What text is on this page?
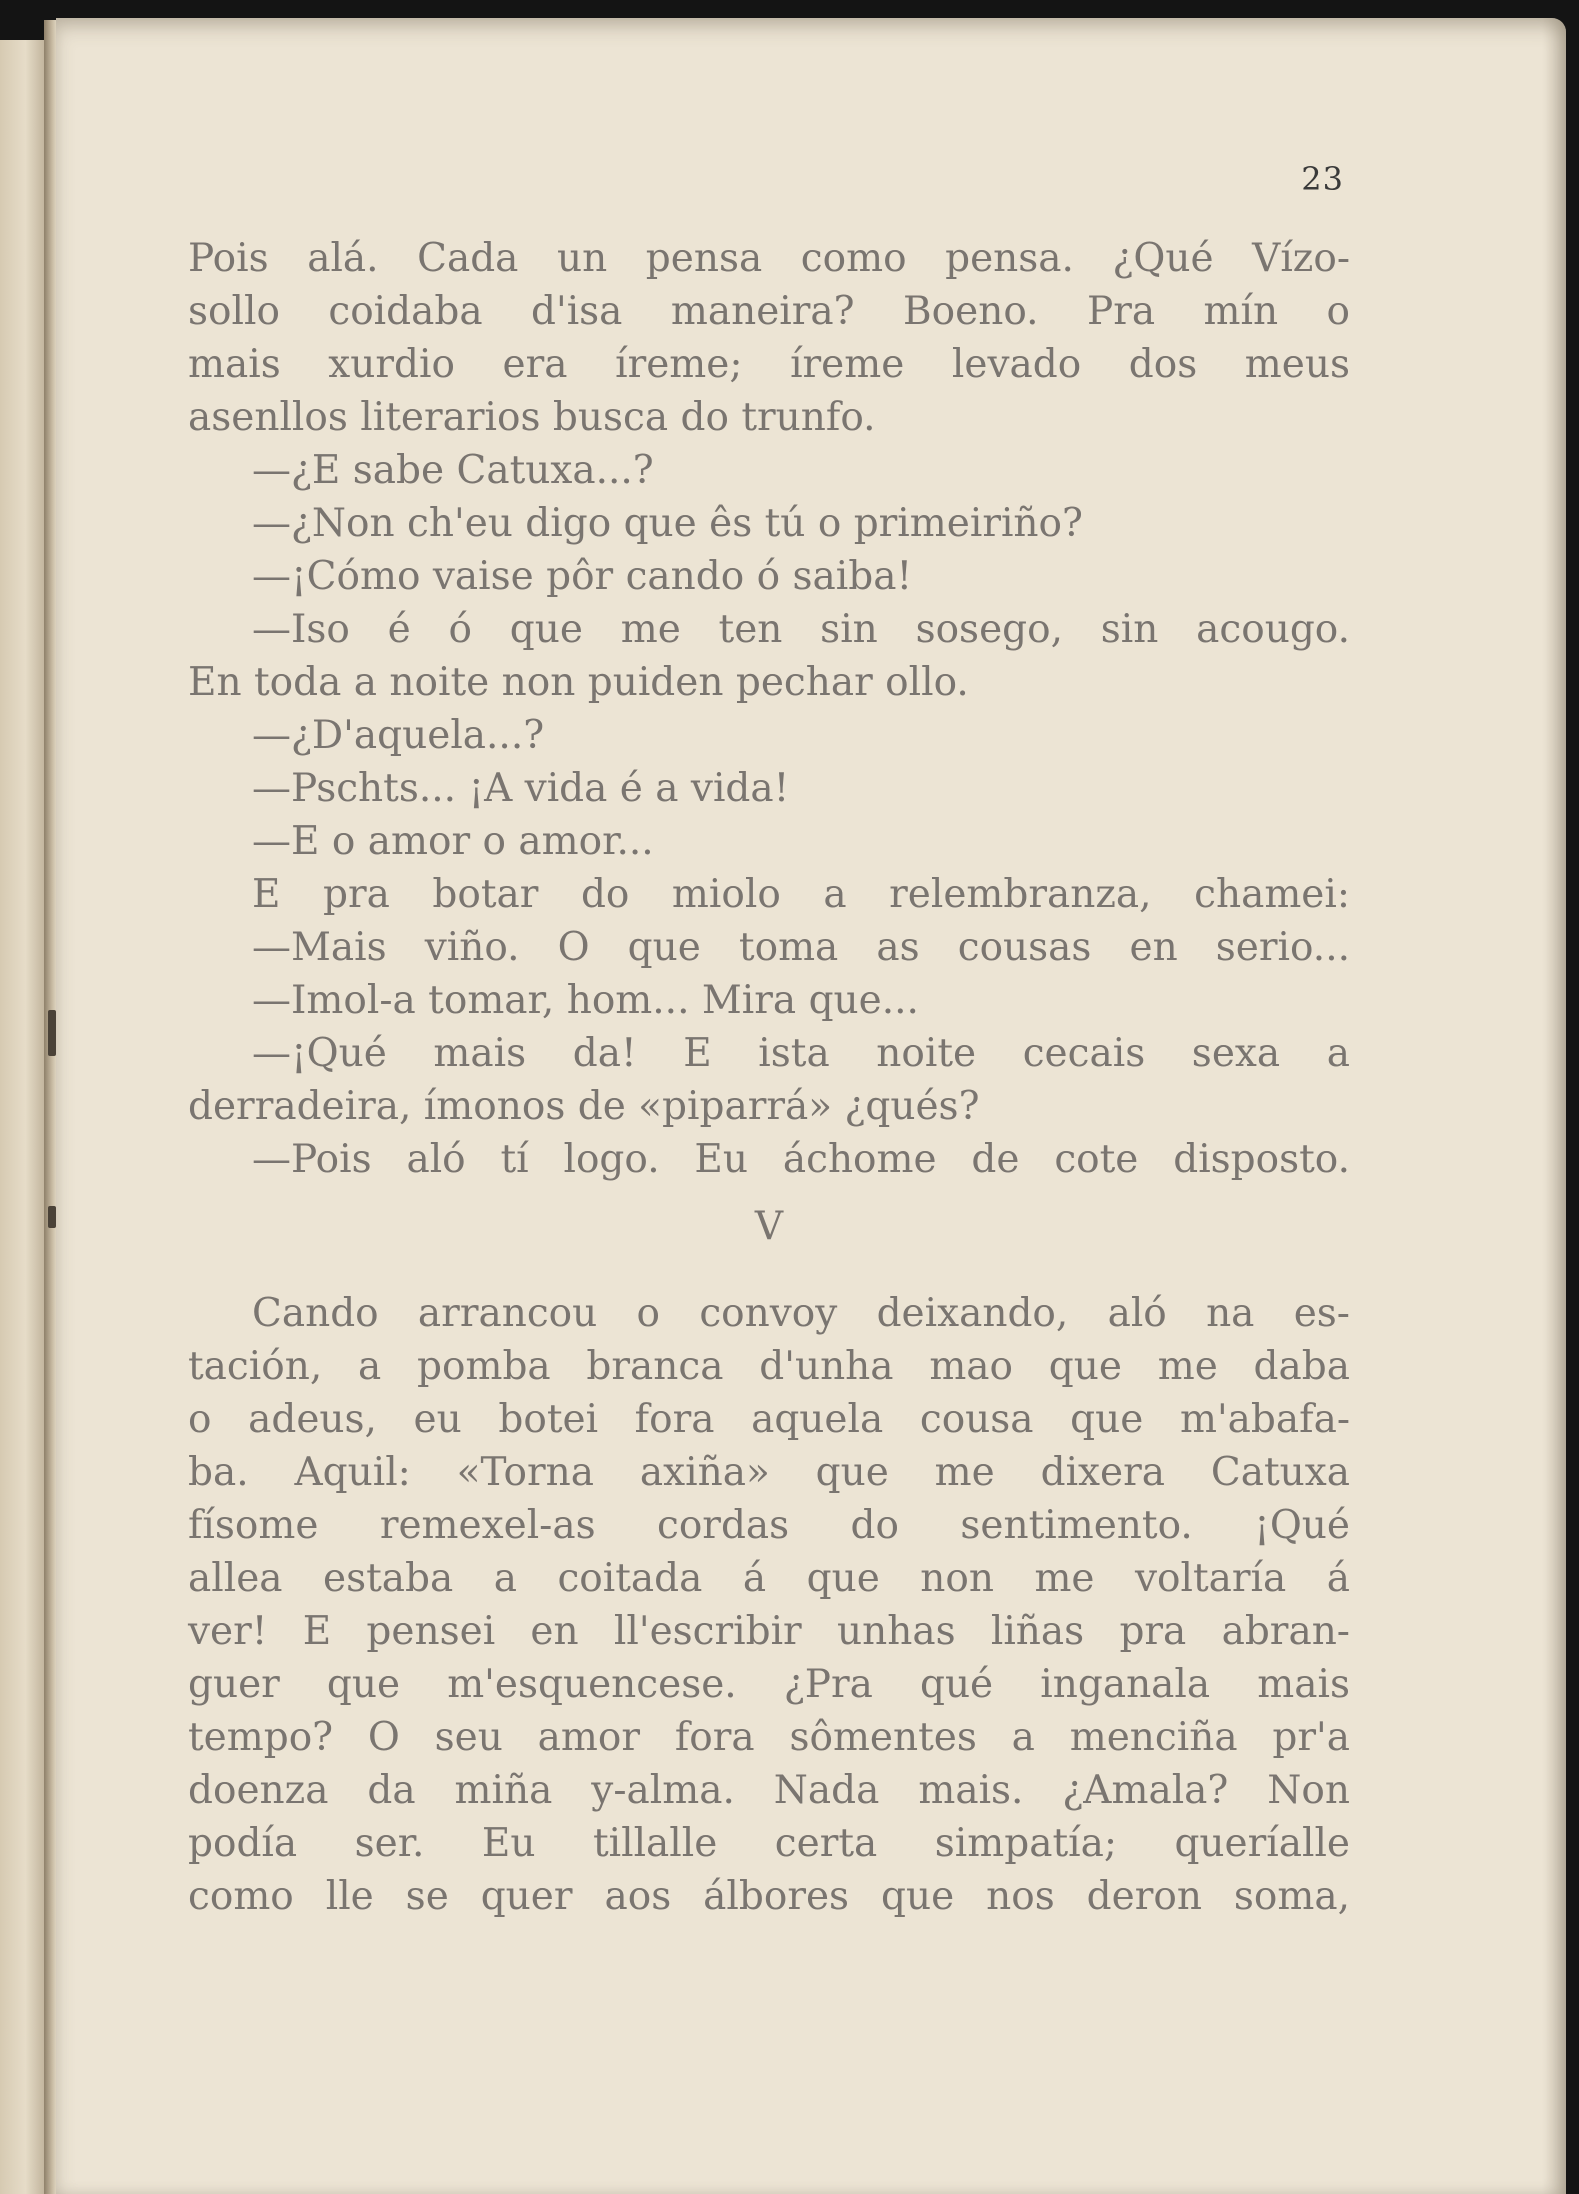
23
Pois alá. Cada un pensa como pensa. ¿Qué Vízo-
sollo coidaba d'isa maneira? Boeno. Pra mín o
mais xurdio era íreme; íreme levado dos meus
asenllos literarios busca do trunfo.
—¿E sabe Catuxa...?
—¿Non ch'eu digo que ês tú o primeiriño?
—¡Cómo vaise pôr cando ó saiba!
—Iso é ó que me ten sin sosego, sin acougo.
En toda a noite non puiden pechar ollo.
—¿D'aquela...?
—Pschts... ¡A vida é a vida!
—E o amor o amor...
E pra botar do miolo a relembranza, chamei:
—Mais viño. O que toma as cousas en serio...
—Imol-a tomar, hom... Mira que...
—¡Qué mais da! E ista noite cecais sexa a
derradeira, ímonos de «piparrá» ¿qués?
—Pois aló tí logo. Eu áchome de cote disposto.
V
Cando arrancou o convoy deixando, aló na es-
tación, a pomba branca d'unha mao que me daba
o adeus, eu botei fora aquela cousa que m'abafa-
ba. Aquil: «Torna axiña» que me dixera Catuxa
físome remexel-as cordas do sentimento. ¡Qué
allea estaba a coitada á que non me voltaría á
ver! E pensei en ll'escribir unhas liñas pra abran-
guer que m'esquencese. ¿Pra qué inganala mais
tempo? O seu amor fora sômentes a menciña pr'a
doenza da miña y-alma. Nada mais. ¿Amala? Non
podía ser. Eu tillalle certa simpatía; queríalle
como lle se quer aos álbores que nos deron soma,
